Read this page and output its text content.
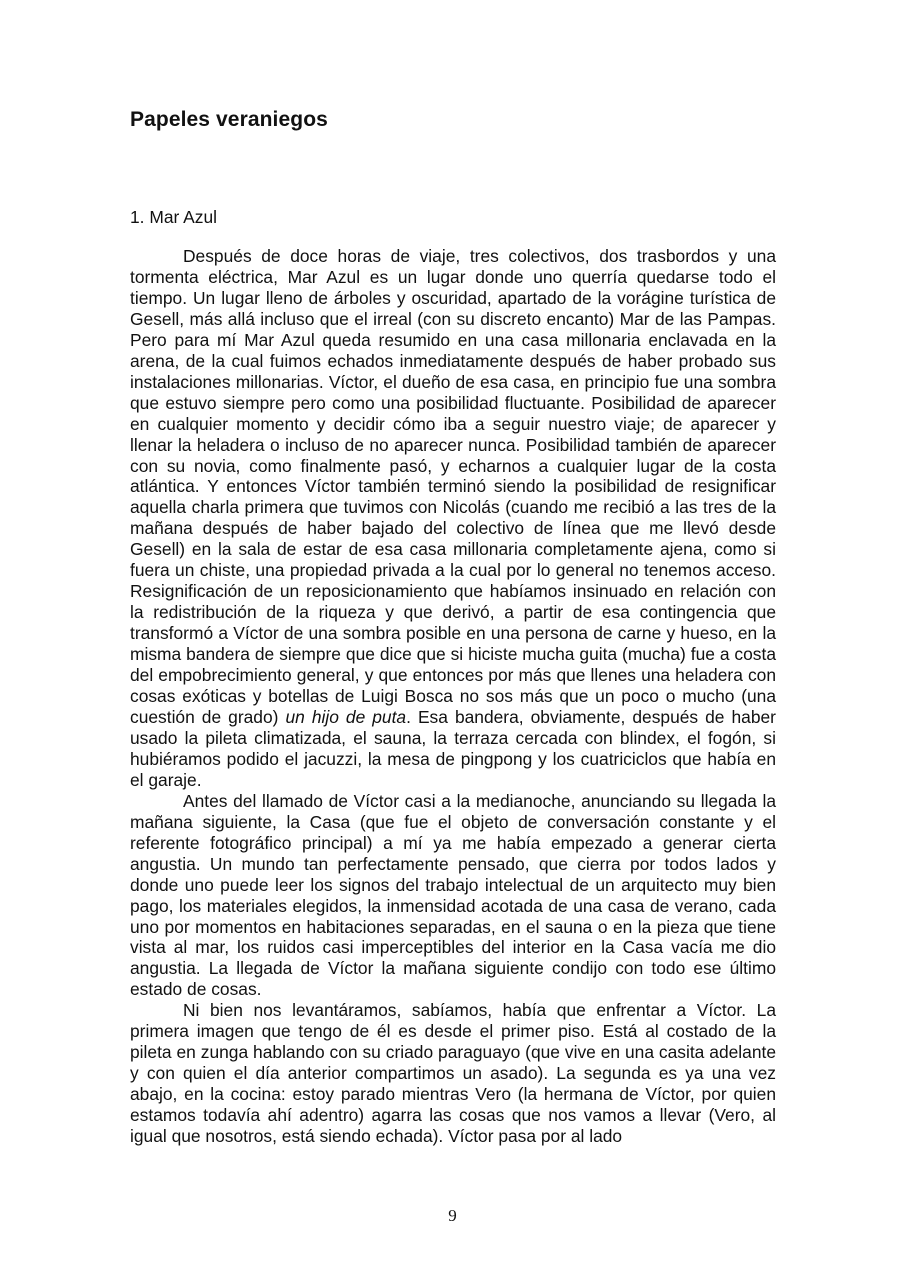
Papeles veraniegos
1. Mar Azul

Después de doce horas de viaje, tres colectivos, dos trasbordos y una tormenta eléctrica, Mar Azul es un lugar donde uno querría quedarse todo el tiempo. Un lugar lleno de árboles y oscuridad, apartado de la vorágine turística de Gesell, más allá incluso que el irreal (con su discreto encanto) Mar de las Pampas. Pero para mí Mar Azul queda resumido en una casa millonaria enclavada en la arena, de la cual fuimos echados inmediatamente después de haber probado sus instalaciones millonarias. Víctor, el dueño de esa casa, en principio fue una sombra que estuvo siempre pero como una posibilidad fluctuante. Posibilidad de aparecer en cualquier momento y decidir cómo iba a seguir nuestro viaje; de aparecer y llenar la heladera o incluso de no aparecer nunca. Posibilidad también de aparecer con su novia, como finalmente pasó, y echarnos a cualquier lugar de la costa atlántica. Y entonces Víctor también terminó siendo la posibilidad de resignificar aquella charla primera que tuvimos con Nicolás (cuando me recibió a las tres de la mañana después de haber bajado del colectivo de línea que me llevó desde Gesell) en la sala de estar de esa casa millonaria completamente ajena, como si fuera un chiste, una propiedad privada a la cual por lo general no tenemos acceso. Resignificación de un reposicionamiento que habíamos insinuado en relación con la redistribución de la riqueza y que derivó, a partir de esa contingencia que transformó a Víctor de una sombra posible en una persona de carne y hueso, en la misma bandera de siempre que dice que si hiciste mucha guita (mucha) fue a costa del empobrecimiento general, y que entonces por más que llenes una heladera con cosas exóticas y botellas de Luigi Bosca no sos más que un poco o mucho (una cuestión de grado) un hijo de puta. Esa bandera, obviamente, después de haber usado la pileta climatizada, el sauna, la terraza cercada con blindex, el fogón, si hubiéramos podido el jacuzzi, la mesa de pingpong y los cuatriciclos que había en el garaje.

Antes del llamado de Víctor casi a la medianoche, anunciando su llegada la mañana siguiente, la Casa (que fue el objeto de conversación constante y el referente fotográfico principal) a mí ya me había empezado a generar cierta angustia. Un mundo tan perfectamente pensado, que cierra por todos lados y donde uno puede leer los signos del trabajo intelectual de un arquitecto muy bien pago, los materiales elegidos, la inmensidad acotada de una casa de verano, cada uno por momentos en habitaciones separadas, en el sauna o en la pieza que tiene vista al mar, los ruidos casi imperceptibles del interior en la Casa vacía me dio angustia. La llegada de Víctor la mañana siguiente condijo con todo ese último estado de cosas.

Ni bien nos levantáramos, sabíamos, había que enfrentar a Víctor. La primera imagen que tengo de él es desde el primer piso. Está al costado de la pileta en zunga hablando con su criado paraguayo (que vive en una casita adelante y con quien el día anterior compartimos un asado). La segunda es ya una vez abajo, en la cocina: estoy parado mientras Vero (la hermana de Víctor, por quien estamos todavía ahí adentro) agarra las cosas que nos vamos a llevar (Vero, al igual que nosotros, está siendo echada). Víctor pasa por al lado

9
